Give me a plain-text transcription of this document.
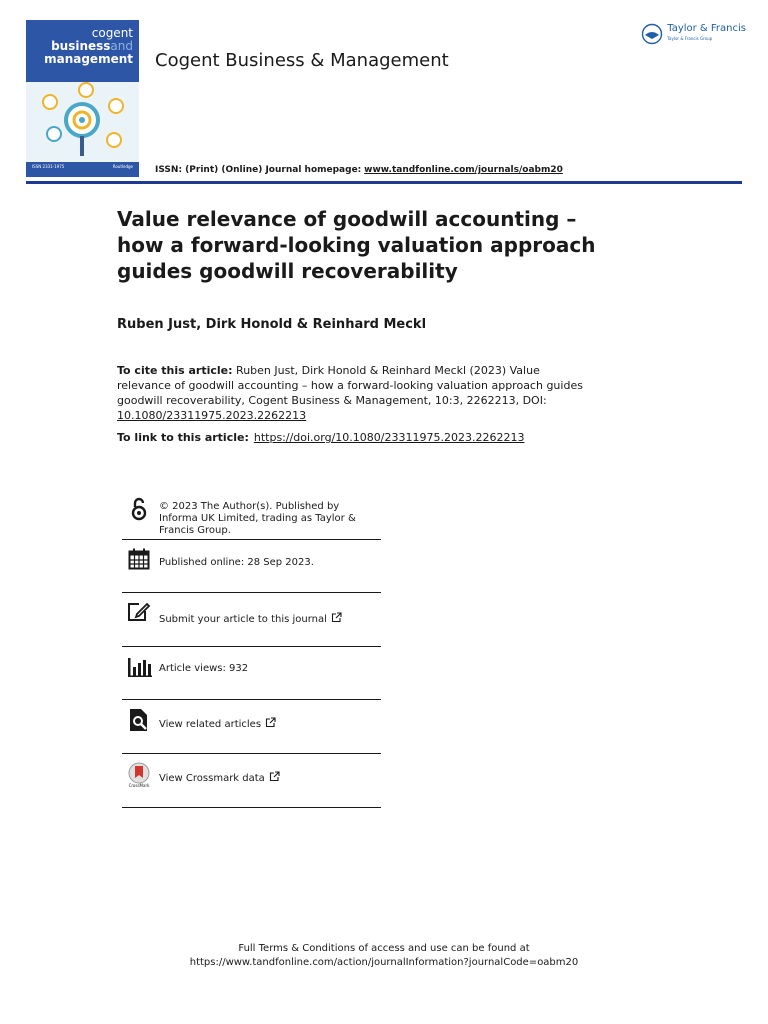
cogent
businessand
management
ISSN 2331-1975	Routledge
Cogent Business & Management
ISSN: (Print) (Online) Journal homepage: www.tandfonline.com/journals/oabm20
Taylor & Francis
Taylor & Francis Group
Value relevance of goodwill accounting – how a forward-looking valuation approach guides goodwill recoverability
Ruben Just, Dirk Honold & Reinhard Meckl
To cite this article: Ruben Just, Dirk Honold & Reinhard Meckl (2023) Value relevance of goodwill accounting – how a forward-looking valuation approach guides goodwill recoverability, Cogent Business & Management, 10:3, 2262213, DOI: 10.1080/23311975.2023.2262213
To link to this article: https://doi.org/10.1080/23311975.2023.2262213
© 2023 The Author(s). Published by Informa UK Limited, trading as Taylor & Francis Group.
Published online: 28 Sep 2023.
Submit your article to this journal
Article views: 932
View related articles
CrossMark
View Crossmark data
Full Terms & Conditions of access and use can be found at
https://www.tandfonline.com/action/journalInformation?journalCode=oabm20
